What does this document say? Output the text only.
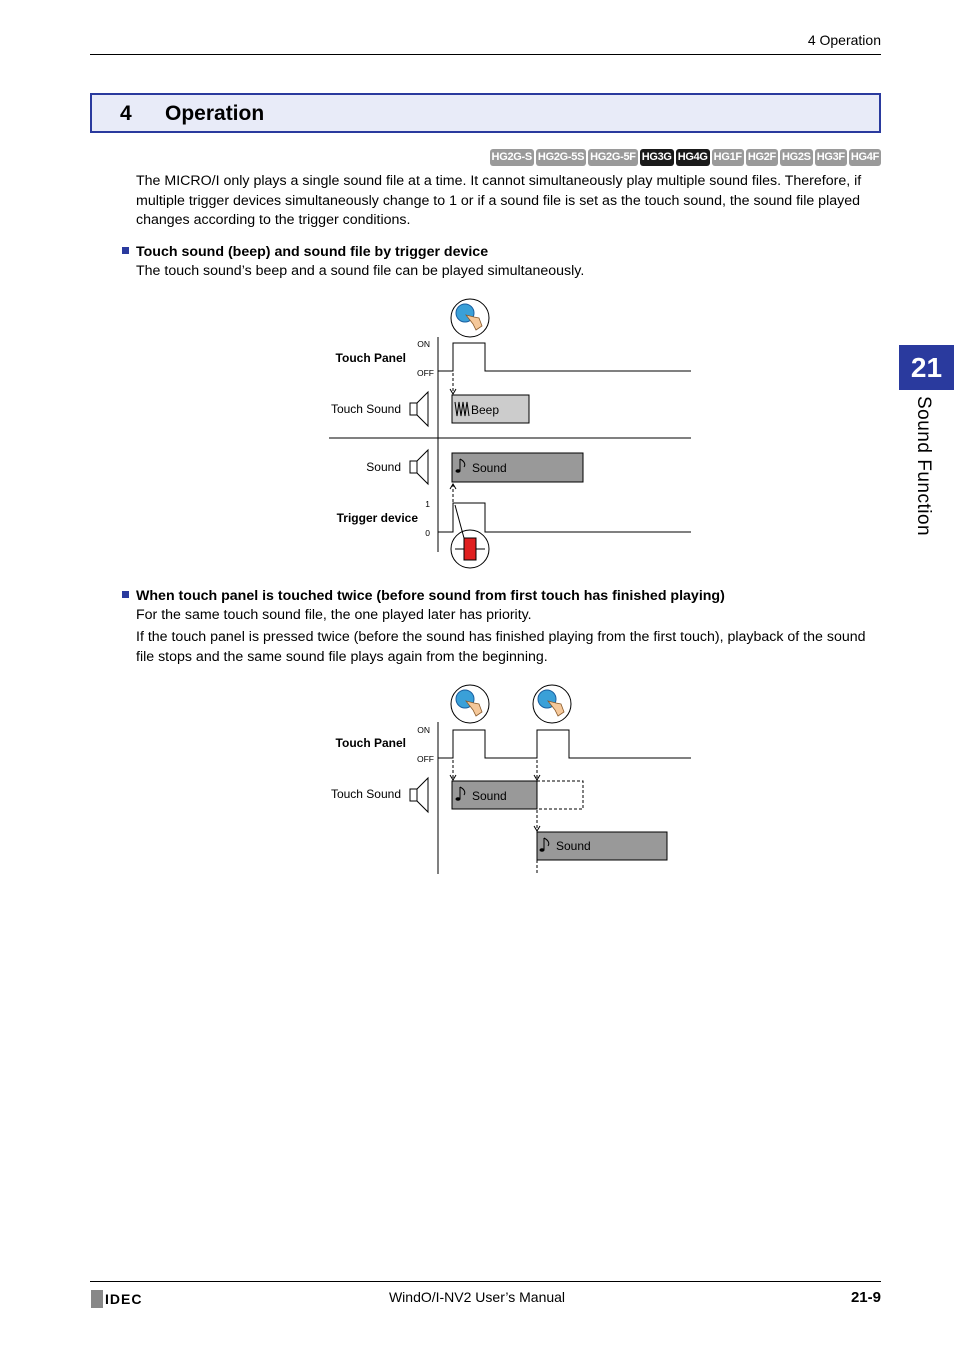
4 Operation
4 Operation
HG2G-S HG2G-5S HG2G-5F HG3G HG4G HG1F HG2F HG2S HG3F HG4F
The MICRO/I only plays a single sound file at a time. It cannot simultaneously play multiple sound files. Therefore, if multiple trigger devices simultaneously change to 1 or if a sound file is set as the touch sound, the sound file played changes according to the trigger conditions.
Touch sound (beep) and sound file by trigger device
The touch sound’s beep and a sound file can be played simultaneously.
Touch Panel
ON
OFF
Touch Sound	Beep
Sound	Sound
Trigger device
1
0
When touch panel is touched twice (before sound from first touch has finished playing)
For the same touch sound file, the one played later has priority.
If the touch panel is pressed twice (before the sound has finished playing from the first touch), playback of the sound file stops and the same sound file plays again from the beginning.
Touch Panel
ON
OFF
Touch Sound	Sound
Sound
21
Sound Function
IDEC	WindO/I-NV2 User’s Manual	21-9
